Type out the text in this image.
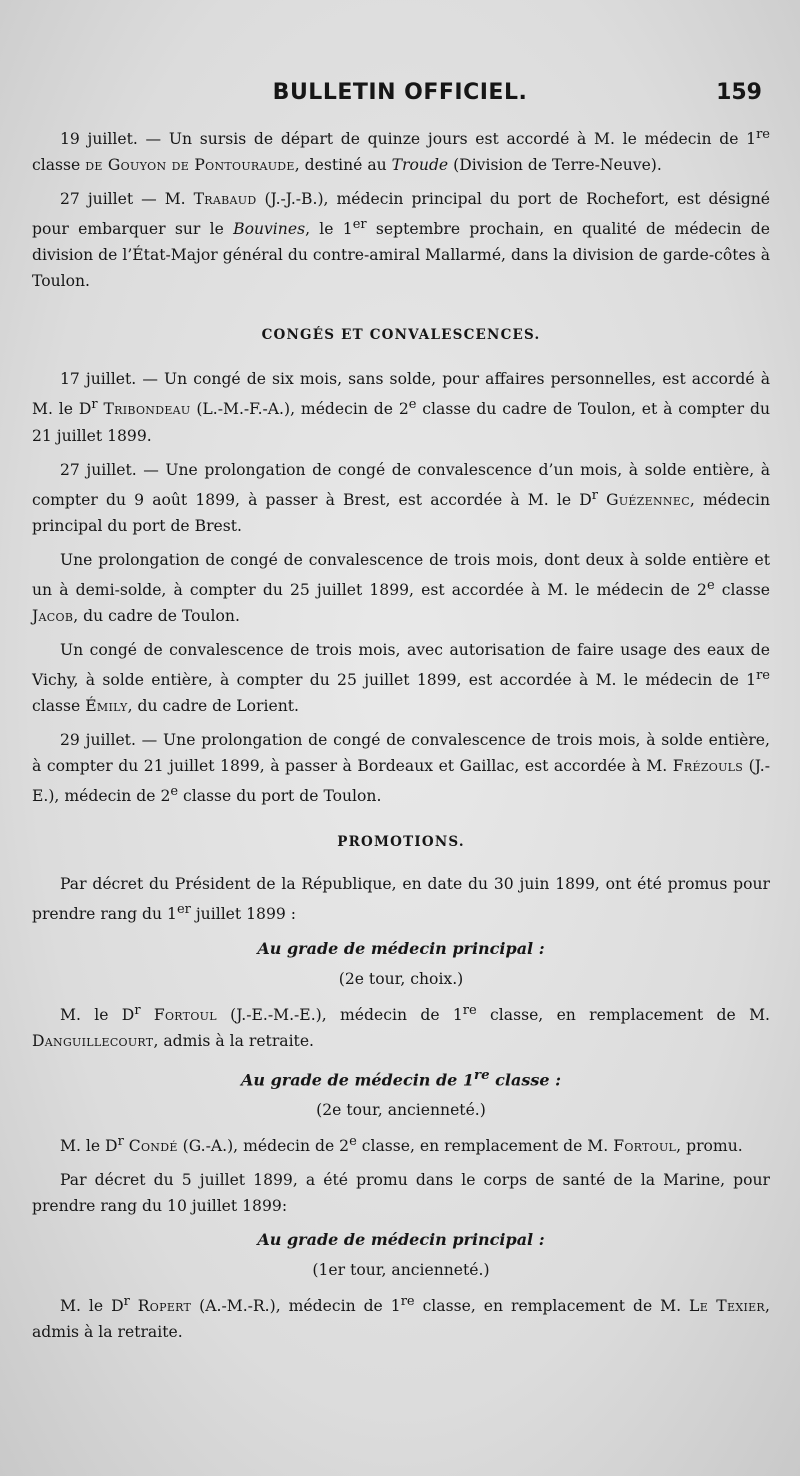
BULLETIN OFFICIEL.	159

19 juillet. — Un sursis de départ de quinze jours est accordé à M. le médecin de 1re classe de Gouyon de Pontouraude, destiné au Troude (Division de Terre-Neuve).

27 juillet — M. Trabaud (J.-J.-B.), médecin principal du port de Rochefort, est désigné pour embarquer sur le Bouvines, le 1er septembre prochain, en qualité de médecin de division de l’État-Major général du contre-amiral Mallarmé, dans la division de garde-côtes à Toulon.

CONGÉS ET CONVALESCENCES.

17 juillet. — Un congé de six mois, sans solde, pour affaires personnelles, est accordé à M. le $D^r$ Tribondeau (L.-M.-F.-A.), médecin de 2e classe du cadre de Toulon, et à compter du 21 juillet 1899.

27 juillet. — Une prolongation de congé de convalescence d’un mois, à solde entière, à compter du 9 août 1899, à passer à Brest, est accordée à M. le $D^r$ Guézennec, médecin principal du port de Brest.

Une prolongation de congé de convalescence de trois mois, dont deux à solde entière et un à demi-solde, à compter du 25 juillet 1899, est accordée à M. le médecin de 2e classe Jacob, du cadre de Toulon.

Un congé de convalescence de trois mois, avec autorisation de faire usage des eaux de Vichy, à solde entière, à compter du 25 juillet 1899, est accordée à M. le médecin de 1re classe Émily, du cadre de Lorient.

29 juillet. — Une prolongation de congé de convalescence de trois mois, à solde entière, à compter du 21 juillet 1899, à passer à Bordeaux et Gaillac, est accordée à M. Frézouls (J.-E.), médecin de 2e classe du port de Toulon.

PROMOTIONS.

Par décret du Président de la République, en date du 30 juin 1899, ont été promus pour prendre rang du 1er juillet 1899 :

Au grade de médecin principal :
(2e tour, choix.)

M. le $D^r$ Fortoul (J.-E.-M.-E.), médecin de 1re classe, en remplacement de M. Danguillecourt, admis à la retraite.

Au grade de médecin de 1re classe :
(2e tour, ancienneté.)

M. le $D^r$ Condé (G.-A.), médecin de 2e classe, en remplacement de M. Fortoul, promu.

Par décret du 5 juillet 1899, a été promu dans le corps de santé de la Marine, pour prendre rang du 10 juillet 1899:

Au grade de médecin principal :
(1er tour, ancienneté.)

M. le $D^r$ Ropert (A.-M.-R.), médecin de 1re classe, en remplacement de M. Le Texier, admis à la retraite.
